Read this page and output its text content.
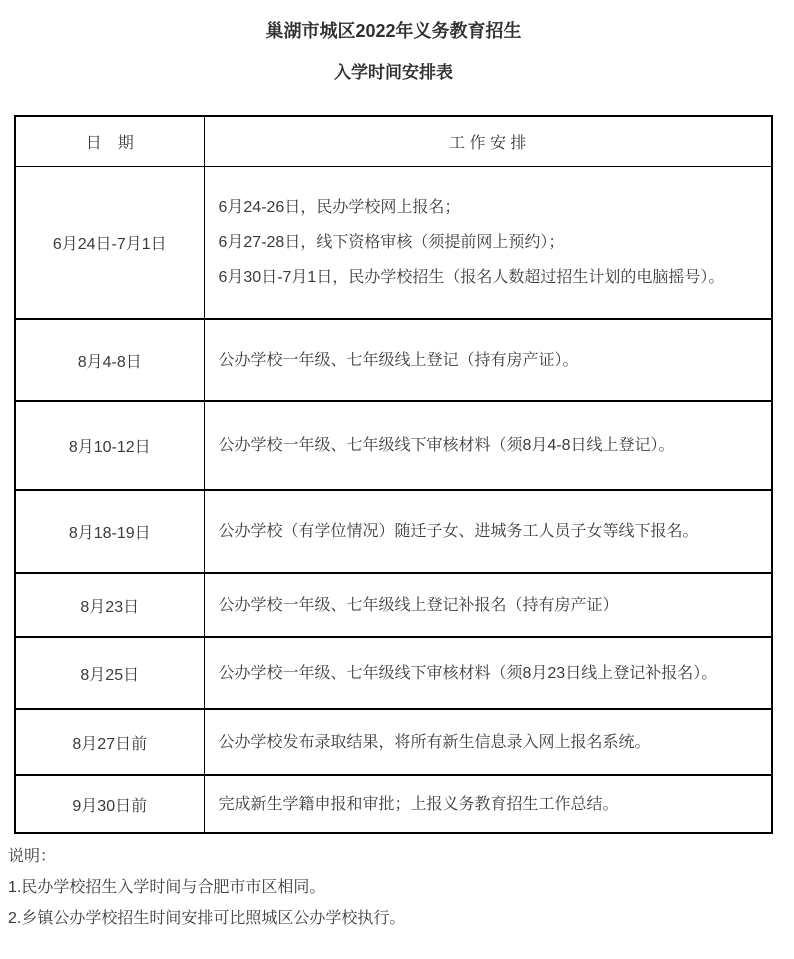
巢湖市城区2022年义务教育招生
入学时间安排表
日　期	工 作 安 排
6月24日-7月1日	6月24-26日，民办学校网上报名；

6月27-28日，线下资格审核（须提前网上预约）；

6月30日-7月1日，民办学校招生（报名人数超过招生计划的电脑摇号）。

8月4-8日	公办学校一年级、七年级线上登记（持有房产证）。

8月10-12日	公办学校一年级、七年级线下审核材料（须8月4-8日线上登记）。

8月18-19日	公办学校（有学位情况）随迁子女、进城务工人员子女等线下报名。

8月23日	公办学校一年级、七年级线上登记补报名（持有房产证）

8月25日	公办学校一年级、七年级线下审核材料（须8月23日线上登记补报名）。

8月27日前	公办学校发布录取结果，将所有新生信息录入网上报名系统。

9月30日前	完成新生学籍申报和审批；上报义务教育招生工作总结。

说明：

1.民办学校招生入学时间与合肥市市区相同。

2.乡镇公办学校招生时间安排可比照城区公办学校执行。
